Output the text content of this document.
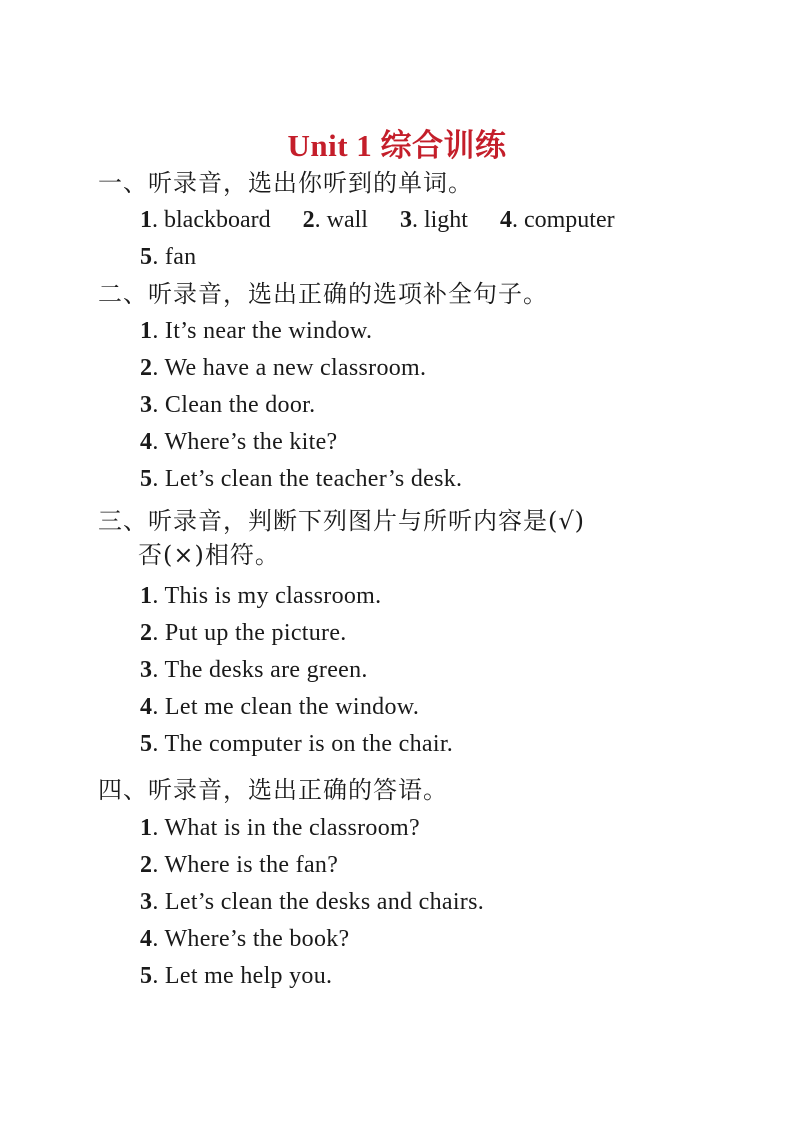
Unit 1 综合训练
一、听录音，选出你听到的单词。
1. blackboard 2. wall 3. light 4. computer
5. fan
二、听录音，选出正确的选项补全句子。
1. It’s near the window.
2. We have a new classroom.
3. Clean the door.
4. Where’s the kite?
5. Let’s clean the teacher’s desk.
三、听录音，判断下列图片与所听内容是(√)
否(×)相符。
1. This is my classroom.
2. Put up the picture.
3. The desks are green.
4. Let me clean the window.
5. The computer is on the chair.
四、听录音，选出正确的答语。
1. What is in the classroom?
2. Where is the fan?
3. Let’s clean the desks and chairs.
4. Where’s the book?
5. Let me help you.
